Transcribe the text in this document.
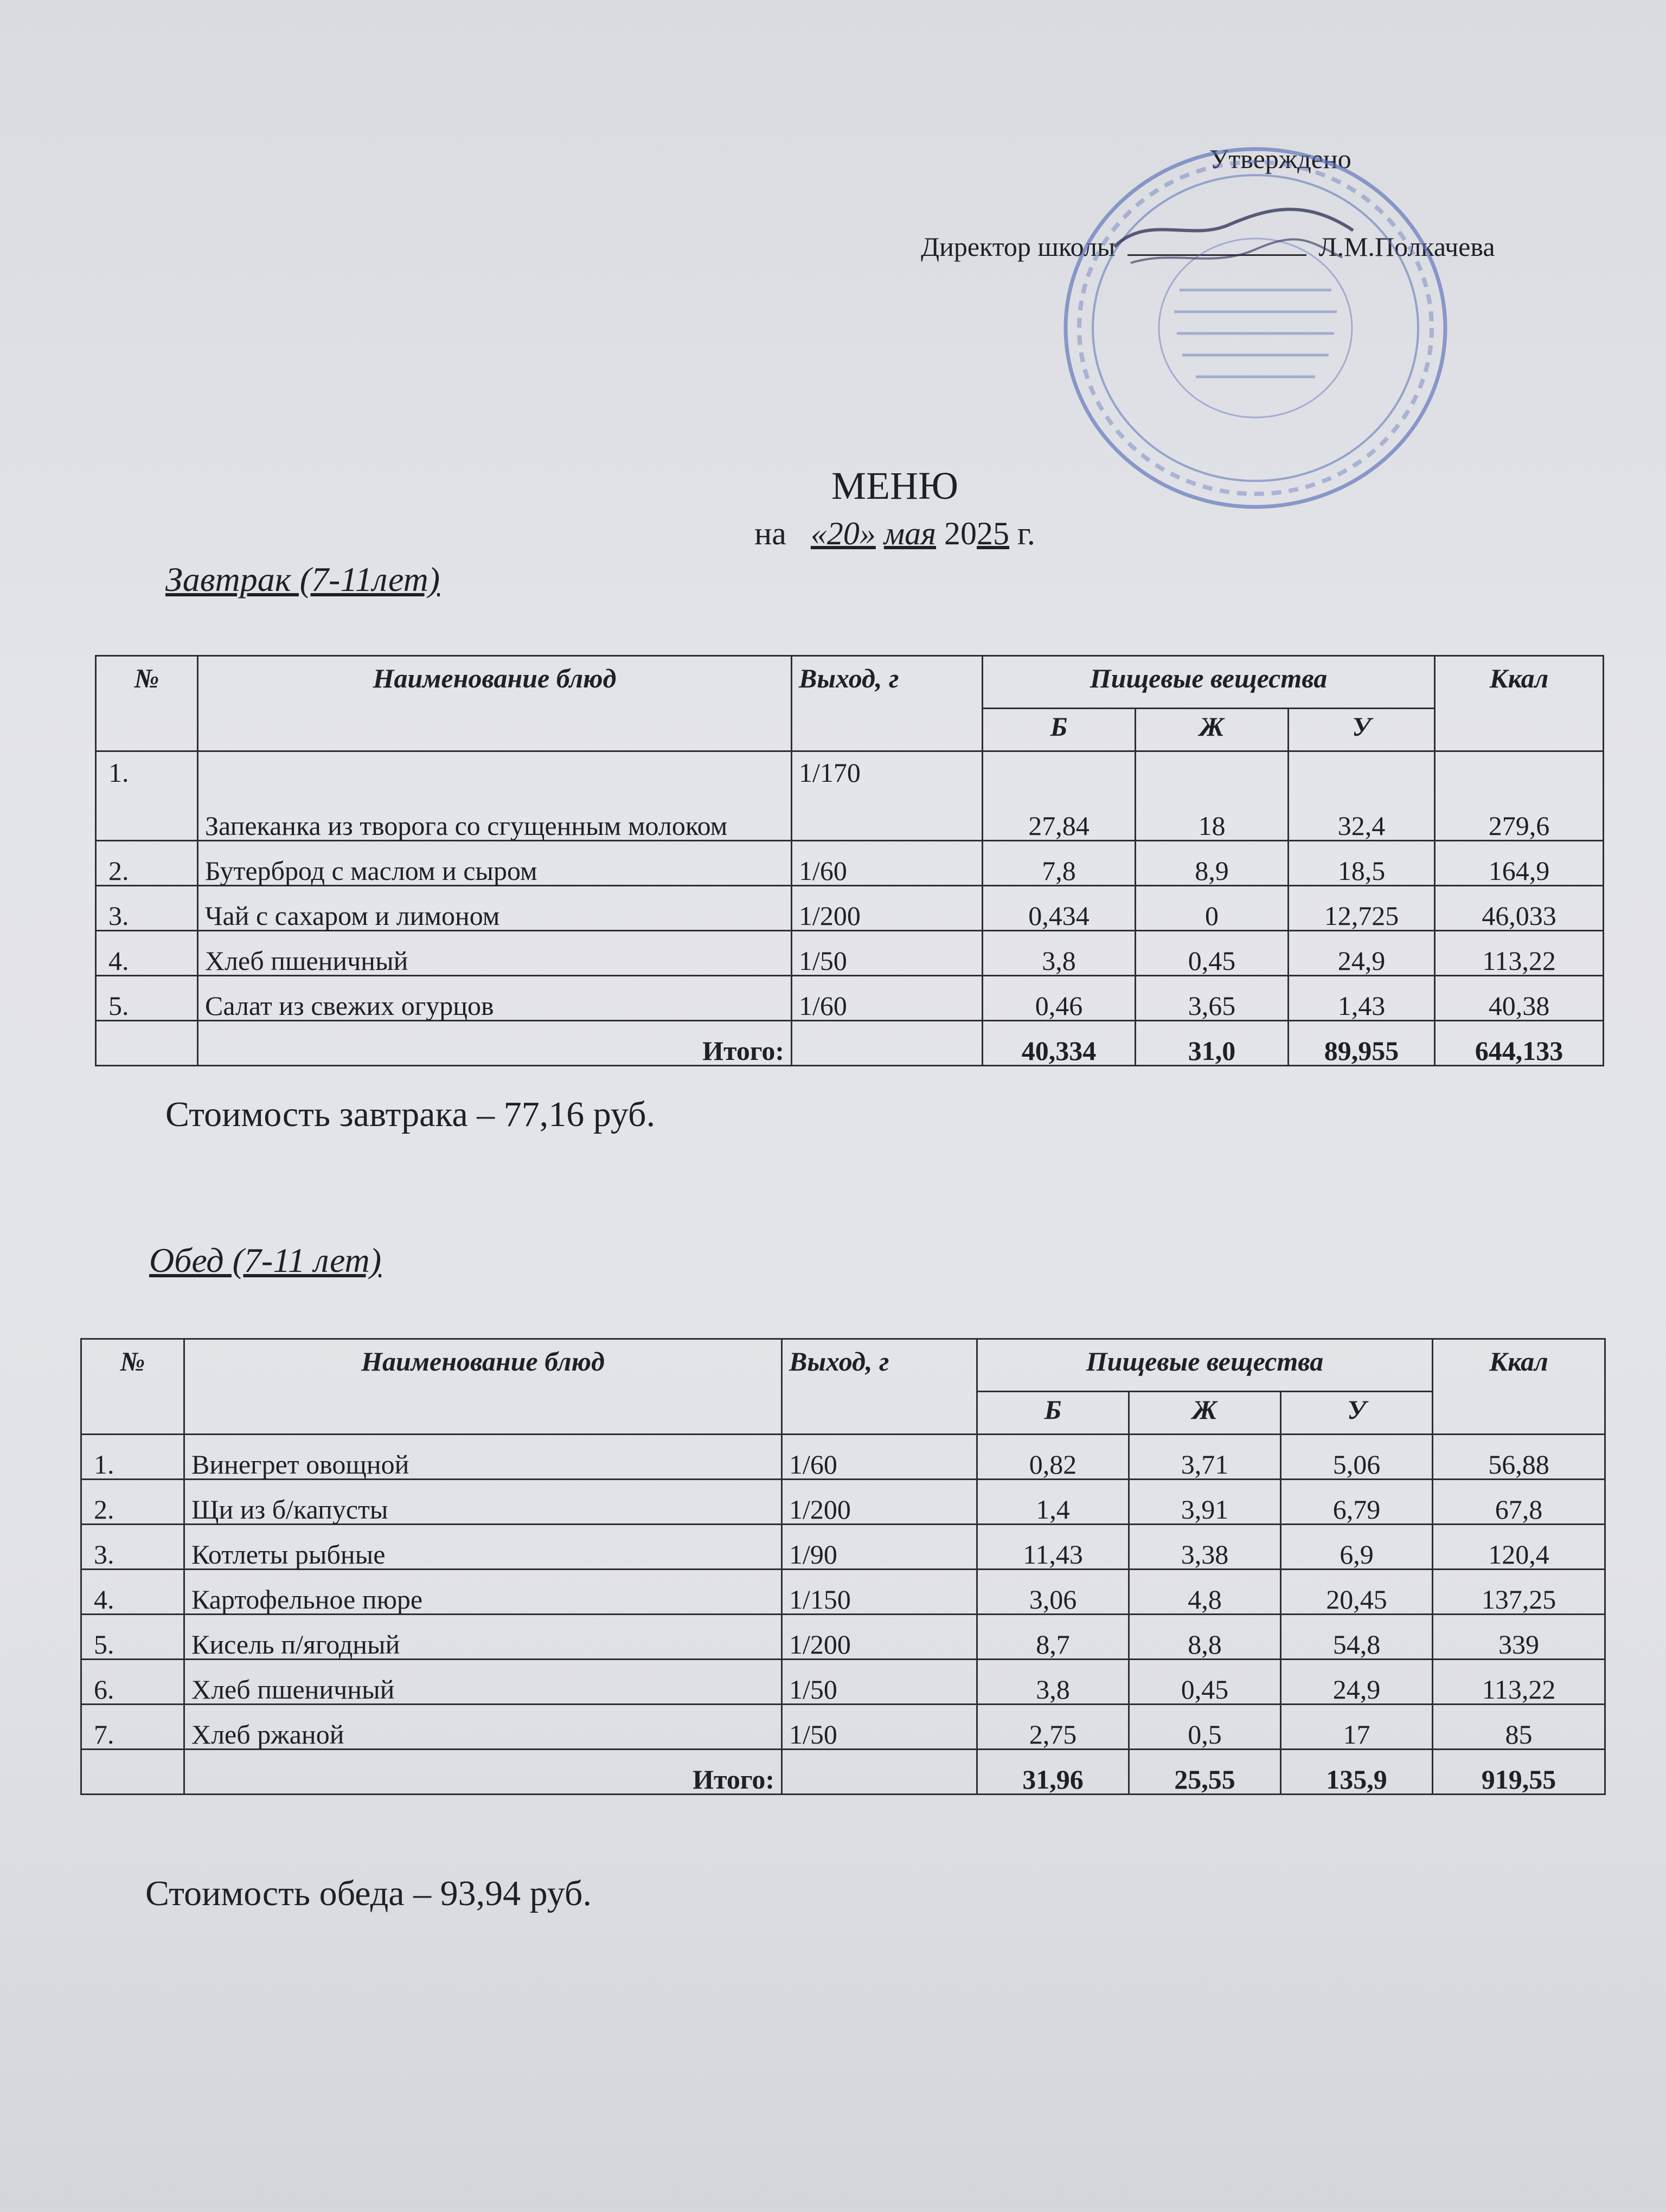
Утверждено
Директор школы	Л.М.Полкачева
МЕНЮ
на «20» мая 2025 г.
Завтрак (7-11лет)
№	Наименование блюд	Выход, г	Пищевые вещества			Ккал
			Б	Ж	У	
1.	Запеканка из творога со сгущенным молоком	1/170	27,84	18	32,4	279,6
2.	Бутерброд с маслом и сыром	1/60	7,8	8,9	18,5	164,9
3.	Чай с сахаром и лимоном	1/200	0,434	0	12,725	46,033
4.	Хлеб пшеничный	1/50	3,8	0,45	24,9	113,22
5.	Салат из свежих огурцов	1/60	0,46	3,65	1,43	40,38
	Итого:		40,334	31,0	89,955	644,133
Стоимость завтрака – 77,16 руб.
Обед (7-11 лет)
№	Наименование блюд	Выход, г	Пищевые вещества			Ккал
			Б	Ж	У	
1.	Винегрет овощной	1/60	0,82	3,71	5,06	56,88
2.	Щи из б/капусты	1/200	1,4	3,91	6,79	67,8
3.	Котлеты рыбные	1/90	11,43	3,38	6,9	120,4
4.	Картофельное пюре	1/150	3,06	4,8	20,45	137,25
5.	Кисель п/ягодный	1/200	8,7	8,8	54,8	339
6.	Хлеб пшеничный	1/50	3,8	0,45	24,9	113,22
7.	Хлеб ржаной	1/50	2,75	0,5	17	85
	Итого:		31,96	25,55	135,9	919,55
Стоимость обеда – 93,94 руб.
